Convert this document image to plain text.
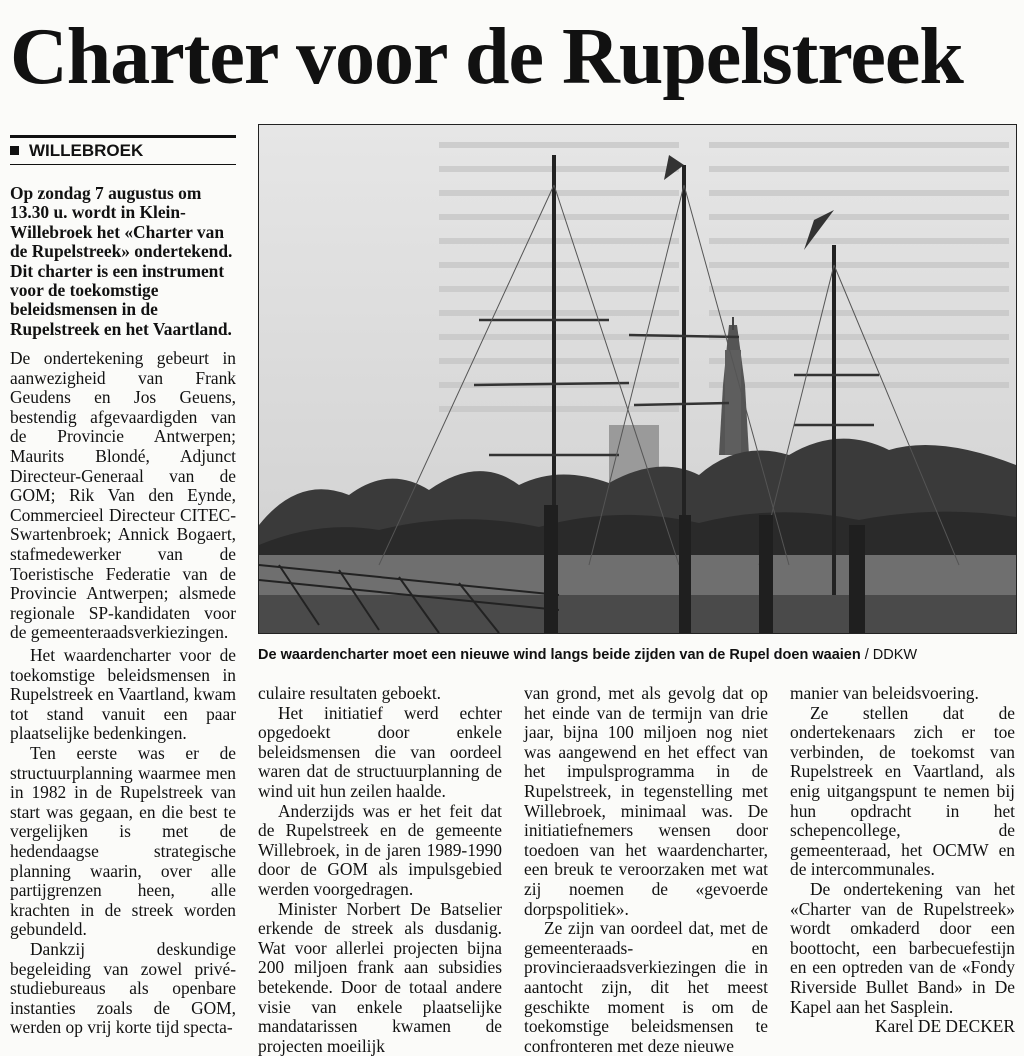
Charter voor de Rupelstreek
WILLEBROEK

Op zondag 7 augustus om 13.30 u. wordt in Klein-Willebroek het «Charter van de Rupelstreek» ondertekend. Dit charter is een instrument voor de toekomstige beleidsmensen in de Rupelstreek en het Vaartland.

De ondertekening gebeurt in aanwezigheid van Frank Geudens en Jos Geuens, bestendig afgevaardigden van de Provincie Antwerpen; Maurits Blondé, Adjunct Directeur-Generaal van de GOM; Rik Van den Eynde, Commercieel Directeur CITEC-Swartenbroek; Annick Bogaert, stafmedewerker van de Toeristische Federatie van de Provincie Antwerpen; alsmede regionale SP-kandidaten voor de gemeenteraadsverkiezingen.

Het waardencharter voor de toekomstige beleidsmensen in Rupelstreek en Vaartland, kwam tot stand vanuit een paar plaatselijke bedenkingen.

Ten eerste was er de structuurplanning waarmee men in 1982 in de Rupelstreek van start was gegaan, en die best te vergelijken is met de hedendaagse strategische planning waarin, over alle partijgrenzen heen, alle krachten in de streek worden gebundeld.

Dankzij deskundige begeleiding van zowel privé-studiebureaus als openbare instanties zoals de GOM, werden op vrij korte tijd specta-

De waardencharter moet een nieuwe wind langs beide zijden van de Rupel doen waaien / DDKW

culaire resultaten geboekt.

Het initiatief werd echter opgedoekt door enkele beleidsmensen die van oordeel waren dat de structuurplanning de wind uit hun zeilen haalde.

Anderzijds was er het feit dat de Rupelstreek en de gemeente Willebroek, in de jaren 1989-1990 door de GOM als impulsgebied werden voorgedragen.

Minister Norbert De Batselier erkende de streek als dusdanig. Wat voor allerlei projecten bijna 200 miljoen frank aan subsidies betekende. Door de totaal andere visie van enkele plaatselijke mandatarissen kwamen de projecten moeilijk

van grond, met als gevolg dat op het einde van de termijn van drie jaar, bijna 100 miljoen nog niet was aangewend en het effect van het impulsprogramma in de Rupelstreek, in tegenstelling met Willebroek, minimaal was. De initiatiefnemers wensen door toedoen van het waardencharter, een breuk te veroorzaken met wat zij noemen de «gevoerde dorpspolitiek».

Ze zijn van oordeel dat, met de gemeenteraads- en provincieraadsverkiezingen die in aantocht zijn, dit het meest geschikte moment is om de toekomstige beleidsmensen te confronteren met deze nieuwe

manier van beleidsvoering.

Ze stellen dat de ondertekenaars zich er toe verbinden, de toekomst van Rupelstreek en Vaartland, als enig uitgangspunt te nemen bij hun opdracht in het schepencollege, de gemeenteraad, het OCMW en de intercommunales.

De ondertekening van het «Charter van de Rupelstreek» wordt omkaderd door een boottocht, een barbecuefestijn en een optreden van de «Fondy Riverside Bullet Band» in De Kapel aan het Sasplein.

Karel DE DECKER
